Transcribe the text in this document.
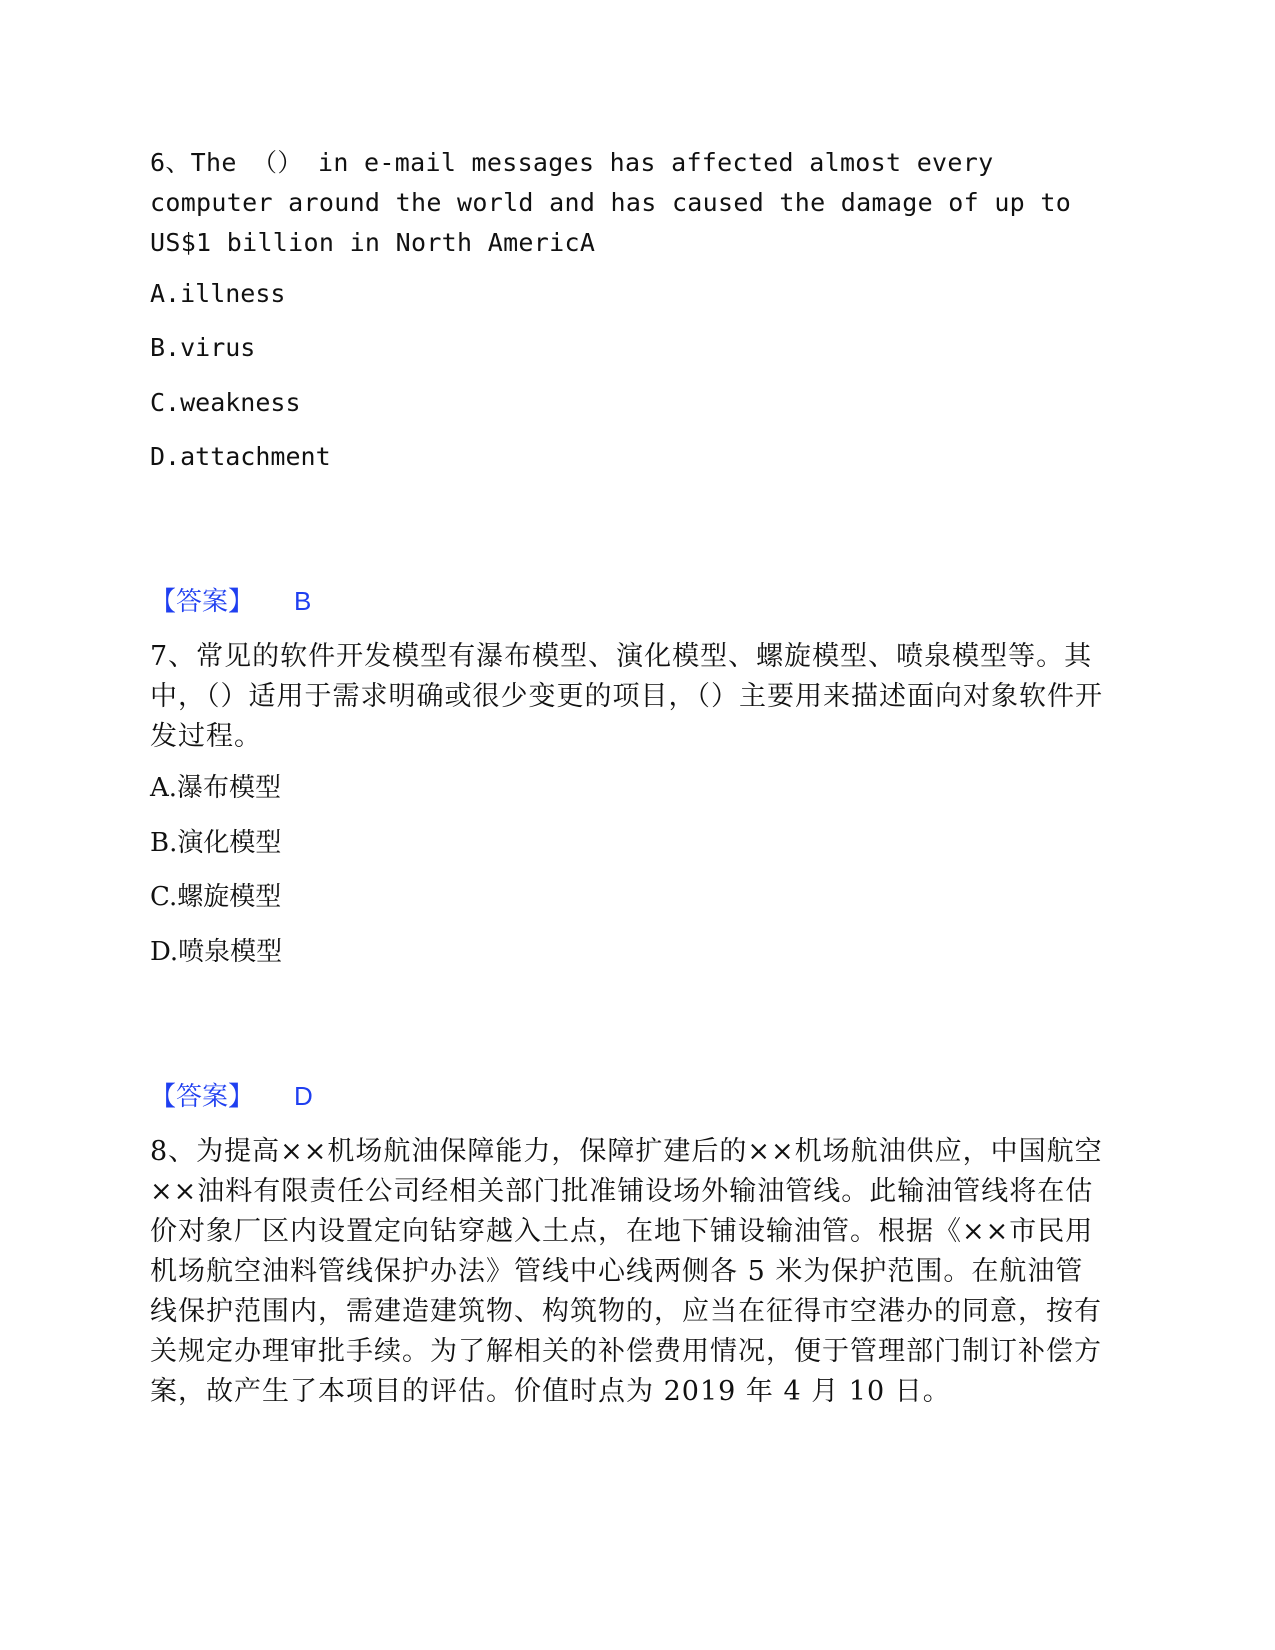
6、The （） in e-mail messages has affected almost every computer around the world and has caused the damage of up to US$1 billion in North AmericA
A.illness
B.virus
C.weakness
D.attachment
【答案】 B
7、常见的软件开发模型有瀑布模型、演化模型、螺旋模型、喷泉模型等。其中，（）适用于需求明确或很少变更的项目，（）主要用来描述面向对象软件开发过程。
A.瀑布模型
B.演化模型
C.螺旋模型
D.喷泉模型
【答案】 D
8、为提高××机场航油保障能力，保障扩建后的××机场航油供应，中国航空××油料有限责任公司经相关部门批准铺设场外输油管线。此输油管线将在估价对象厂区内设置定向钻穿越入土点，在地下铺设输油管。根据《××市民用机场航空油料管线保护办法》管线中心线两侧各 5 米为保护范围。在航油管线保护范围内，需建造建筑物、构筑物的，应当在征得市空港办的同意，按有关规定办理审批手续。为了解相关的补偿费用情况，便于管理部门制订补偿方案，故产生了本项目的评估。价值时点为 2019 年 4 月 10 日。
